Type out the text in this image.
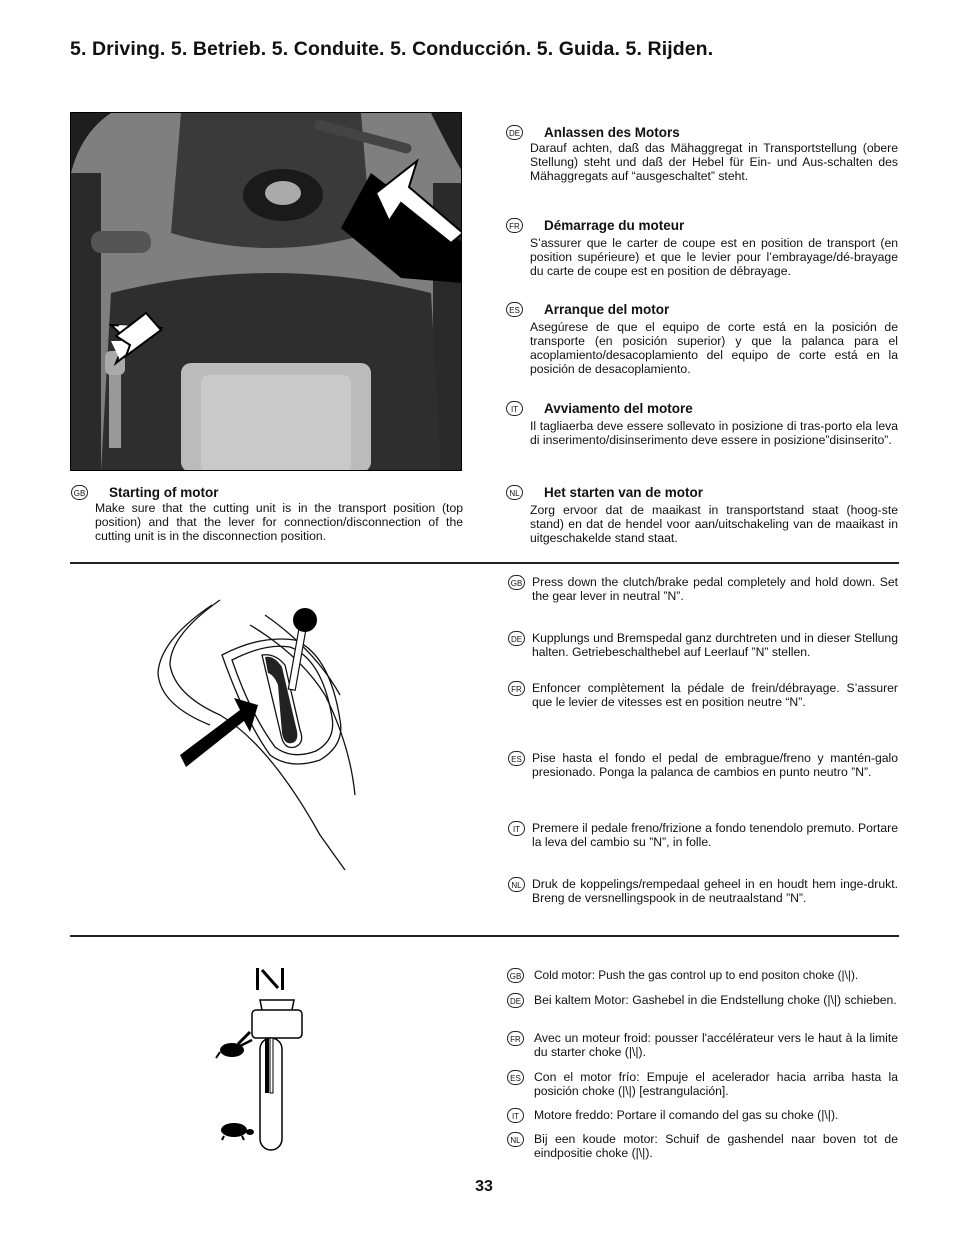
5. Driving. 5. Betrieb. 5. Conduite. 5. Conducción. 5. Guida. 5. Rijden.
GB Starting of motor
Make sure that the cutting unit is in the transport position (top position) and that the lever for connection/disconnection of the cutting unit is in the disconnection position.
DE Anlassen des Motors
Darauf achten, daß das Mähaggregat in Transportstellung (obere Stellung) steht und daß der Hebel für Ein- und Aus-schalten des Mähaggregats auf “ausgeschaltet” steht.
FR Démarrage du moteur
S’assurer que le carter de coupe est en position de transport (en position supérieure) et que le levier pour l’embrayage/dé-brayage du carte de coupe est en position de débrayage.
ES Arranque del motor
Asegúrese de que el equipo de corte está en la posición de transporte (en posición superior) y que la palanca para el acoplamiento/desacoplamiento del equipo de corte está en la posición de desacoplamiento.
IT	Avviamento del motore
Il tagliaerba deve essere sollevato in posizione di tras-porto ela leva di inserimento/disinserimento deve essere in posizione”disinserito”.
NL Het starten van de motor
Zorg ervoor dat de maaikast in transportstand staat (hoog-ste stand) en dat de hendel voor aan/uitschakeling van de maaikast in uitgeschakelde stand staat.
GB Press down the clutch/brake pedal completely and hold down. Set the gear lever in neutral ”N”.
DE Kupplungs und Bremspedal ganz durchtreten und in dieser Stellung halten. Getriebeschalthebel auf Leerlauf ”N” stellen.
FR Enfoncer complètement la pédale de frein/débrayage. S’assurer que le levier de vitesses est en position neutre “N”.
ES Pise hasta el fondo el pedal de embrague/freno y mantén-galo presionado. Ponga la palanca de cambios en punto neutro ”N”.
IT Premere il pedale freno/frizione a fondo tenendolo premuto. Portare la leva del cambio su ”N”, in folle.
NL Druk de koppelings/rempedaal geheel in en houdt hem inge-drukt. Breng de versnellingspook in de neutraalstand ”N”.
GB Cold motor: Push the gas control up to end positon choke (|\|).
DE Bei kaltem Motor: Gashebel in die Endstellung choke (|\|) schieben.
FR Avec un moteur froid: pousser l'accélérateur vers le haut à la limite du starter choke (|\|).
ES Con el motor frío: Empuje el acelerador hacia arriba hasta la posición choke (|\|) [estrangulación].
IT	Motore freddo: Portare il comando del gas su choke (|\|).
NL Bij een koude motor: Schuif de gashendel naar boven tot de eindpositie choke (|\|).
33
